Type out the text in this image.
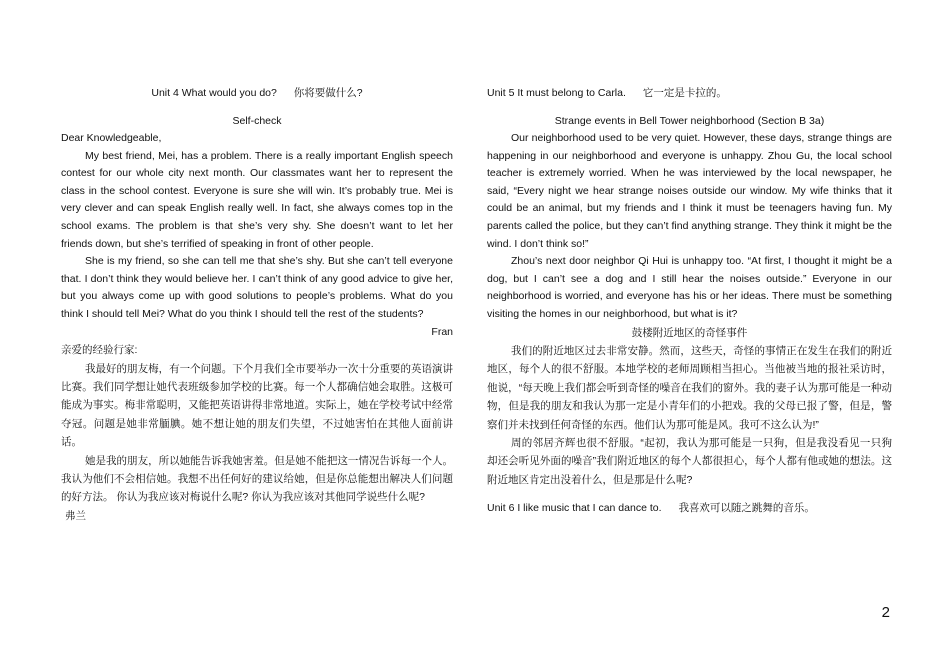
Unit 4 What would you do? 你将要做什么?
Self-check

Dear Knowledgeable,

My best friend, Mei, has a problem. There is a really important English speech contest for our whole city next month. Our classmates want her to represent the class in the school contest. Everyone is sure she will win. It’s probably true. Mei is very clever and can speak English really well. In fact, she always comes top in the school exams. The problem is that she’s very shy. She doesn’t want to let her friends down, but she’s terrified of speaking in front of other people.

She is my friend, so she can tell me that she’s shy. But she can’t tell everyone that. I don’t think they would believe her. I can’t think of any good advice to give her, but you always come up with good solutions to people’s problems. What do you think I should tell Mei? What do you think I should tell the rest of the students?

Fran

亲爱的经验行家:

我最好的朋友梅，有一个问题。下个月我们全市要举办一次十分重要的英语演讲比赛。我们同学想让她代表班级参加学校的比赛。每一个人都确信她会取胜。这极可能成为事实。梅非常聪明，又能把英语讲得非常地道。实际上，她在学校考试中经常夺冠。问题是她非常腼腆。她不想让她的朋友们失望，不过她害怕在其他人面前讲话。

她是我的朋友，所以她能告诉我她害羞。但是她不能把这一情况告诉每一个人。我认为他们不会相信她。我想不出任何好的建议给她，但是你总能想出解决人们问题的好方法。 你认为我应该对梅说什么呢? 你认为我应该对其他同学说些什么呢?

弗兰

Unit 5 It must belong to Carla. 它一定是卡拉的。
Strange events in Bell Tower neighborhood (Section B 3a)

Our neighborhood used to be very quiet. However, these days, strange things are happening in our neighborhood and everyone is unhappy. Zhou Gu, the local school teacher is extremely worried. When he was interviewed by the local newspaper, he said, “Every night we hear strange noises outside our window. My wife thinks that it could be an animal, but my friends and I think it must be teenagers having fun. My parents called the police, but they can’t find anything strange. They think it might be the wind. I don’t think so!”

Zhou’s next door neighbor Qi Hui is unhappy too. “At first, I thought it might be a dog, but I can’t see a dog and I still hear the noises outside.” Everyone in our neighborhood is worried, and everyone has his or her ideas. There must be something visiting the homes in our neighborhood, but what is it?

鼓楼附近地区的奇怪事件

我们的附近地区过去非常安静。然而，这些天，奇怪的事情正在发生在我们的附近地区，每个人的很不舒服。本地学校的老师周顾相当担心。当他被当地的报社采访时，他说，“每天晚上我们都会听到奇怪的噪音在我们的窗外。我的妻子认为那可能是一种动物，但是我的朋友和我认为那一定是小青年们的小把戏。我的父母已报了警，但是，警察们并未找到任何奇怪的东西。他们认为那可能是风。我可不这么认为!”

周的邻居齐辉也很不舒服。“起初，我认为那可能是一只狗，但是我没看见一只狗却还会听见外面的噪音”我们附近地区的每个人都很担心，每个人都有他或她的想法。这附近地区肯定出没着什么，但是那是什么呢?

Unit 6 I like music that I can dance to. 我喜欢可以随之跳舞的音乐。
2
